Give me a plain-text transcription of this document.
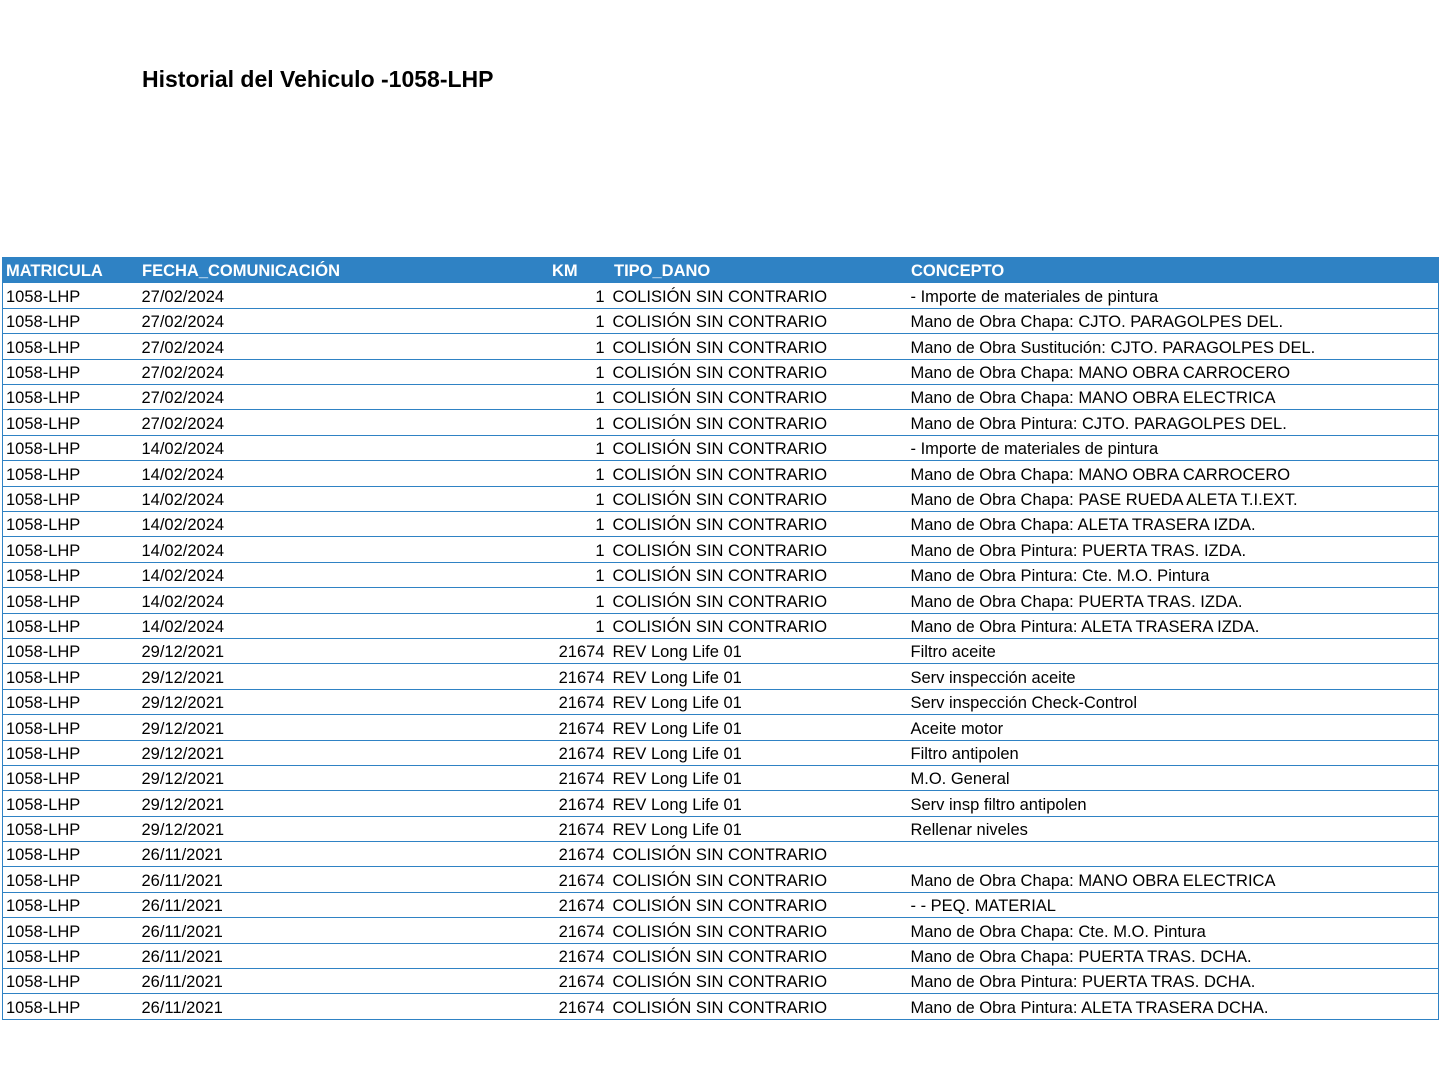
Historial del Vehiculo -1058-LHP
MATRICULA	FECHA_COMUNICACIÓN	KM	TIPO_DANO	CONCEPTO
1058-LHP	27/02/2024	1	COLISIÓN SIN CONTRARIO	- Importe de materiales de pintura
1058-LHP	27/02/2024	1	COLISIÓN SIN CONTRARIO	Mano de Obra Chapa: CJTO. PARAGOLPES DEL.
1058-LHP	27/02/2024	1	COLISIÓN SIN CONTRARIO	Mano de Obra Sustitución: CJTO. PARAGOLPES DEL.
1058-LHP	27/02/2024	1	COLISIÓN SIN CONTRARIO	Mano de Obra Chapa: MANO OBRA CARROCERO
1058-LHP	27/02/2024	1	COLISIÓN SIN CONTRARIO	Mano de Obra Chapa: MANO OBRA ELECTRICA
1058-LHP	27/02/2024	1	COLISIÓN SIN CONTRARIO	Mano de Obra Pintura: CJTO. PARAGOLPES DEL.
1058-LHP	14/02/2024	1	COLISIÓN SIN CONTRARIO	- Importe de materiales de pintura
1058-LHP	14/02/2024	1	COLISIÓN SIN CONTRARIO	Mano de Obra Chapa: MANO OBRA CARROCERO
1058-LHP	14/02/2024	1	COLISIÓN SIN CONTRARIO	Mano de Obra Chapa: PASE RUEDA ALETA T.I.EXT.
1058-LHP	14/02/2024	1	COLISIÓN SIN CONTRARIO	Mano de Obra Chapa: ALETA TRASERA IZDA.
1058-LHP	14/02/2024	1	COLISIÓN SIN CONTRARIO	Mano de Obra Pintura: PUERTA TRAS. IZDA.
1058-LHP	14/02/2024	1	COLISIÓN SIN CONTRARIO	Mano de Obra Pintura: Cte. M.O. Pintura
1058-LHP	14/02/2024	1	COLISIÓN SIN CONTRARIO	Mano de Obra Chapa: PUERTA TRAS. IZDA.
1058-LHP	14/02/2024	1	COLISIÓN SIN CONTRARIO	Mano de Obra Pintura: ALETA TRASERA IZDA.
1058-LHP	29/12/2021	21674	REV Long Life 01	Filtro aceite
1058-LHP	29/12/2021	21674	REV Long Life 01	Serv inspección aceite
1058-LHP	29/12/2021	21674	REV Long Life 01	Serv inspección Check-Control
1058-LHP	29/12/2021	21674	REV Long Life 01	Aceite motor
1058-LHP	29/12/2021	21674	REV Long Life 01	Filtro antipolen
1058-LHP	29/12/2021	21674	REV Long Life 01	M.O. General
1058-LHP	29/12/2021	21674	REV Long Life 01	Serv insp filtro antipolen
1058-LHP	29/12/2021	21674	REV Long Life 01	Rellenar niveles
1058-LHP	26/11/2021	21674	COLISIÓN SIN CONTRARIO	
1058-LHP	26/11/2021	21674	COLISIÓN SIN CONTRARIO	Mano de Obra Chapa: MANO OBRA ELECTRICA
1058-LHP	26/11/2021	21674	COLISIÓN SIN CONTRARIO	- - PEQ. MATERIAL
1058-LHP	26/11/2021	21674	COLISIÓN SIN CONTRARIO	Mano de Obra Chapa: Cte. M.O. Pintura
1058-LHP	26/11/2021	21674	COLISIÓN SIN CONTRARIO	Mano de Obra Chapa: PUERTA TRAS. DCHA.
1058-LHP	26/11/2021	21674	COLISIÓN SIN CONTRARIO	Mano de Obra Pintura: PUERTA TRAS. DCHA.
1058-LHP	26/11/2021	21674	COLISIÓN SIN CONTRARIO	Mano de Obra Pintura: ALETA TRASERA DCHA.
